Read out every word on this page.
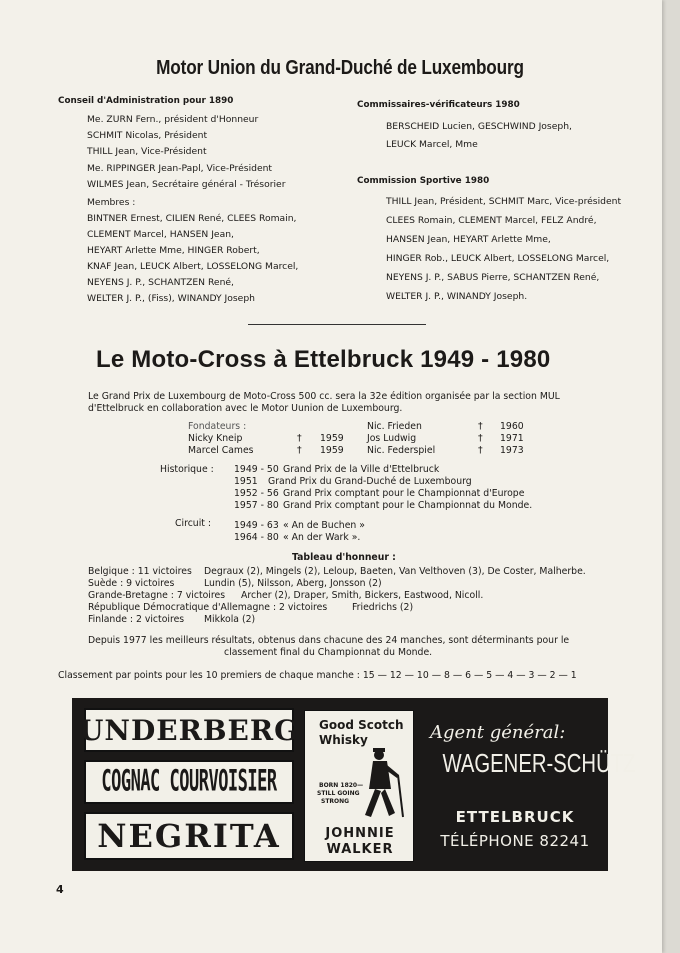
Motor Union du Grand-Duché de Luxembourg
Conseil d'Administration pour 1890
Me. ZURN Fern., président d'Honneur
SCHMIT Nicolas, Président
THILL Jean, Vice-Président
Me. RIPPINGER Jean-Papl, Vice-Président
WILMES Jean, Secrétaire général - Trésorier
Membres :
BINTNER Ernest, CILIEN René, CLEES Romain,
CLEMENT Marcel, HANSEN Jean,
HEYART Arlette Mme, HINGER Robert,
KNAF Jean, LEUCK Albert, LOSSELONG Marcel,
NEYENS J. P., SCHANTZEN René,
WELTER J. P., (Fiss), WINANDY Joseph
Commissaires-vérificateurs 1980
BERSCHEID Lucien, GESCHWIND Joseph,
LEUCK Marcel, Mme
Commission Sportive 1980
THILL Jean, Président, SCHMIT Marc, Vice-président
CLEES Romain, CLEMENT Marcel, FELZ André,
HANSEN Jean, HEYART Arlette Mme,
HINGER Rob., LEUCK Albert, LOSSELONG Marcel,
NEYENS J. P., SABUS Pierre, SCHANTZEN René,
WELTER J. P., WINANDY Joseph.
Le Moto-Cross à Ettelbruck 1949 - 1980
Le Grand Prix de Luxembourg de Moto-Cross 500 cc. sera la 32e édition organisée par la section MUL
d'Ettelbruck en collaboration avec le Motor Uunion de Luxembourg.
Fondateurs :
Nicky Kneip	† 1959
Marcel Cames	† 1959
Nic. Frieden	† 1960
Jos Ludwig	† 1971
Nic. Federspiel	† 1973
Historique : 1949 - 50 Grand Prix de la Ville d'Ettelbruck
1951 Grand Prix du Grand-Duché de Luxembourg
1952 - 56 Grand Prix comptant pour le Championnat d'Europe
1957 - 80 Grand Prix comptant pour le Championnat du Monde.
Circuit : 1949 - 63 « An de Buchen »
1964 - 80 « An der Wark ».
Tableau d'honneur :
Belgique : 11 victoires Degraux (2), Mingels (2), Leloup, Baeten, Van Velthoven (3), De Coster, Malherbe.
Suède : 9 victoires	Lundin (5), Nilsson, Aberg, Jonsson (2)
Grande-Bretagne : 7 victoires Archer (2), Draper, Smith, Bickers, Eastwood, Nicoll.
République Démocratique d'Allemagne : 2 victoires	Friedrichs (2)
Finlande : 2 victoires Mikkola (2)
Depuis 1977 les meilleurs résultats, obtenus dans chacune des 24 manches, sont déterminants pour le
classement final du Championnat du Monde.
Classement par points pour les 10 premiers de chaque manche : 15 — 12 — 10 — 8 — 6 — 5 — 4 — 3 — 2 — 1
UNDERBERG
COGNAC COURVOISIER
NEGRITA
Good Scotch
Whisky
BORN 1820—
STILL GOING
STRONG
JOHNNIE
WALKER
Agent général:
WAGENER-SCHÜTZ
ETTELBRUCK
TÉLÉPHONE 82241
4
